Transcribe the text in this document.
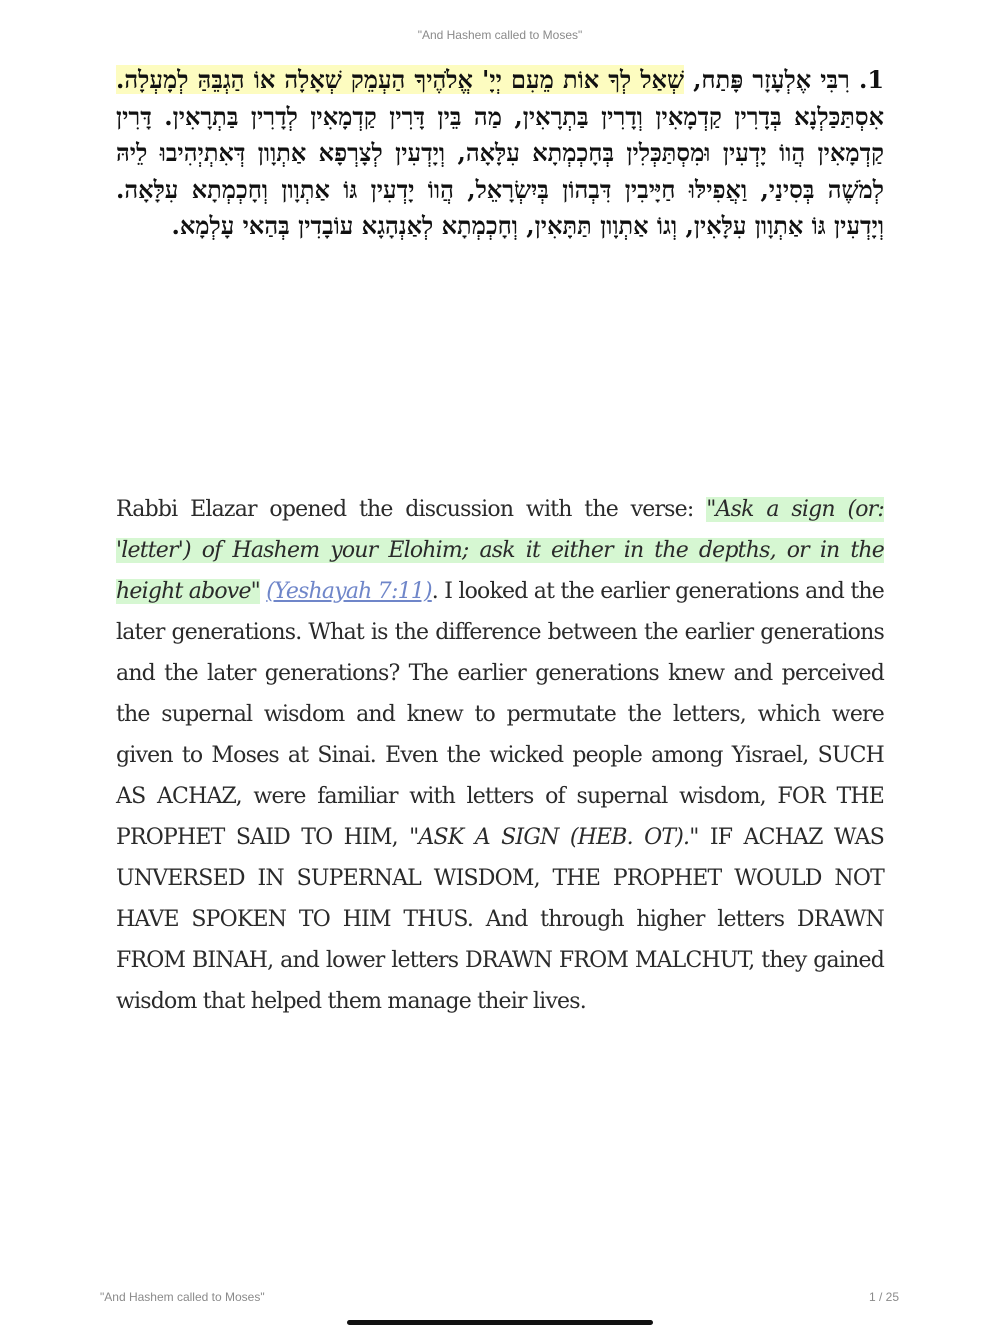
"And Hashem called to Moses"
1. רִבִּי אֶלְעָזָר פָּתַח, שְׁאַל לְךָ אוֹת מֵעִם יְיָ' אֱלֹהֶיךָ הַעְמֵק שְׁאָלָה אוֹ הַגְבֵּהַּ לְמָעְלָה. אִסְתַּכַּלְנָא בְּדָרִין קַדְמָאִין וְדָרִין בַּתְרָאִין, מַה בֵּין דָּרִין קַדְמָאִין לְדָרִין בַּתְרָאִין. דָּרִין קַדְמָאִין הֲווֹ יָדְעִין וּמִסְתַּכְּלִין בְּחָכְמְתָא עִלָּאָה, וְיָדְעִין לְצָרְפָא אַתְוָון דְּאִתְיְהִיבוּ לֵיהּ לְמֹשֶׁה בְּסִינַי, וַאֲפִילּוּ חַיָּיבִין דִּבְהוֹן בְּיִשְׂרָאֵל, הֲווֹ יָדְעִין גּוֹ אַתְוָון וְחָכְמְתָא עִלָּאָה. וְיָדְעִין גּוֹ אַתְוָון עִלָּאִין, וְגוֹ אַתְוָון תַּתָּאִין, וְחָכְמְתָא לְאַנְהָגָא עוֹבָדִין בְּהַאי עָלְמָא.
Rabbi Elazar opened the discussion with the verse: "Ask a sign (or: 'letter') of Hashem your Elohim; ask it either in the depths, or in the height above" (Yeshayah 7:11). I looked at the earlier generations and the later generations. What is the difference between the earlier generations and the later generations? The earlier generations knew and perceived the supernal wisdom and knew to permutate the letters, which were given to Moses at Sinai. Even the wicked people among Yisrael, SUCH AS ACHAZ, were familiar with letters of supernal wisdom, FOR THE PROPHET SAID TO HIM, "ASK A SIGN (HEB. OT)." IF ACHAZ WAS UNVERSED IN SUPERNAL WISDOM, THE PROPHET WOULD NOT HAVE SPOKEN TO HIM THUS. And through higher letters DRAWN FROM BINAH, and lower letters DRAWN FROM MALCHUT, they gained wisdom that helped them manage their lives.
"And Hashem called to Moses"	1 / 25
